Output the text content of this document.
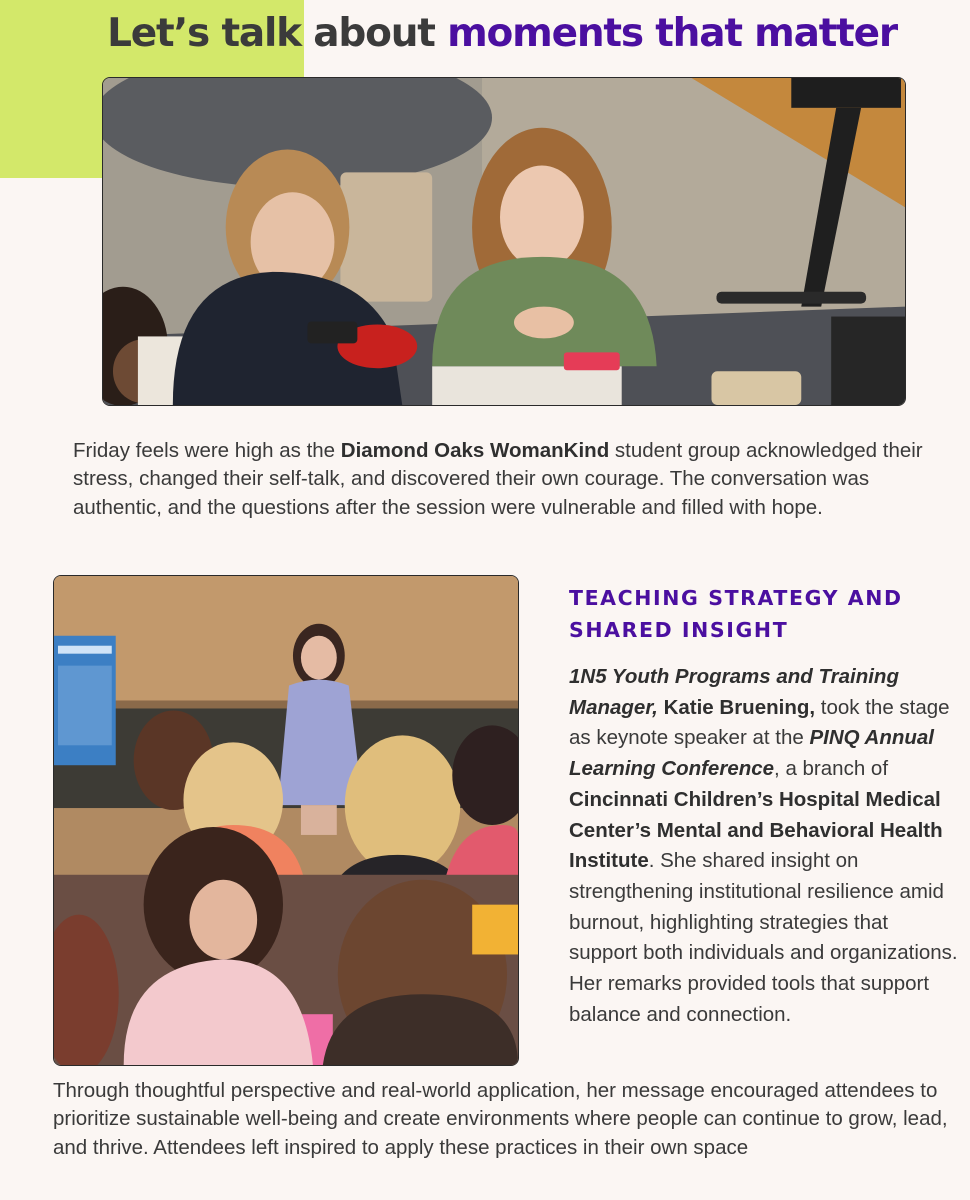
Let’s talk about moments that matter

Friday feels were high as the Diamond Oaks WomanKind student group acknowledged their stress, changed their self-talk, and discovered their own courage. The conversation was authentic, and the questions after the session were vulnerable and filled with hope.

TEACHING STRATEGY AND SHARED INSIGHT

1N5 Youth Programs and Training Manager, Katie Bruening, took the stage as keynote speaker at the PINQ Annual Learning Conference, a branch of Cincinnati Children’s Hospital Medical Center’s Mental and Behavioral Health Institute. She shared insight on strengthening institutional resilience amid burnout, highlighting strategies that support both individuals and organizations. Her remarks provided tools that support balance and connection.

Through thoughtful perspective and real-world application, her message encouraged attendees to prioritize sustainable well-being and create environments where people can continue to grow, lead, and thrive. Attendees left inspired to apply these practices in their own space
